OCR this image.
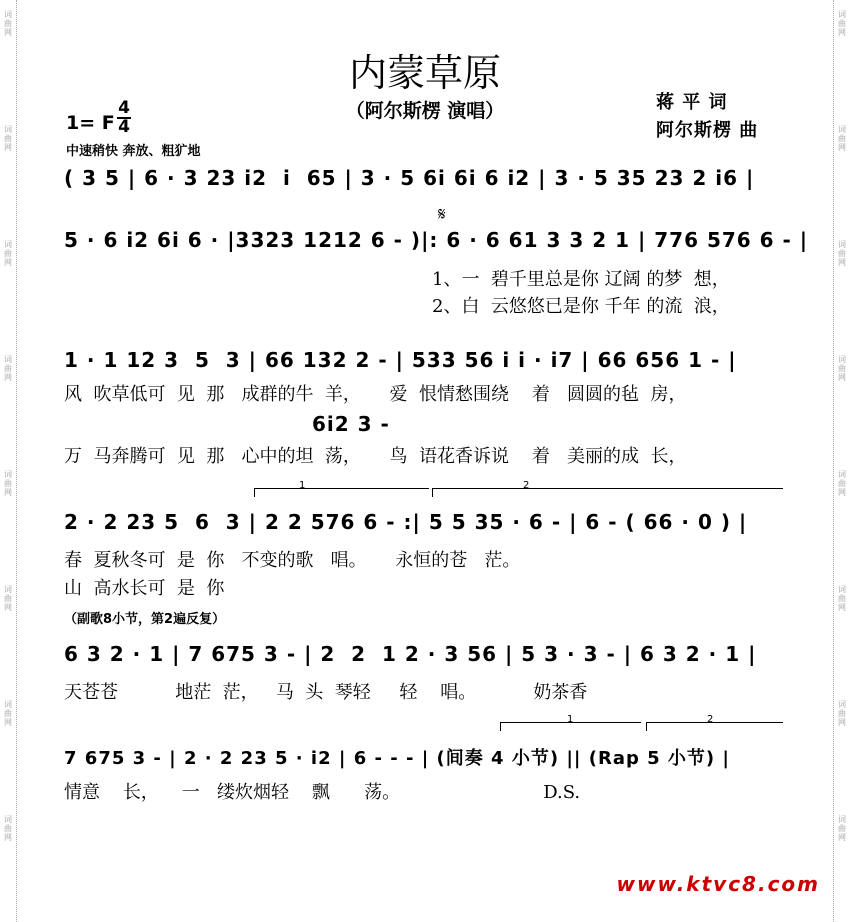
词
曲
网
词
曲
网
词
曲
网
词
曲
网
词
曲
网
词
曲
网
词
曲
网
词
曲
网
词
曲
网
词
曲
网
词
曲
网
词
曲
网
词
曲
网
词
曲
网
词
曲
网
词
曲
网
内蒙草原
（阿尔斯楞 演唱）	蒋 平 词
阿尔斯楞 曲
1= F
4
4
中速稍快 奔放、粗犷地
( 3 5 | 6 · 3 23 i2  i  65 | 3 · 5 6i 6i 6 i2 | 3 · 5 35 23 2 i6 |
𝄋
5 · 6 i2 6i 6 · |3323 1212 6 - )|: 6 · 6 61 3 3 2 1 | 776 576 6 - |
1、一  碧千里总是你 辽阔 的梦  想，
2、白  云悠悠已是你 千年 的流  浪，
1 · 1 12 3  5  3 | 66 132 2 - | 533 56 i i · i7 | 66 656 1 - |
风  吹草低可  见  那   成群的牛  羊，     爱  恨情愁围绕    着   圆圆的毡  房，
6i2 3 -
万  马奔腾可  见  那   心中的坦  荡，     鸟  语花香诉说    着   美丽的成  长，
1	2
2 · 2 23 5  6  3 | 2 2 576 6 - :| 5 5 35 · 6 - | 6 - ( 66 · 0 ) |
春  夏秋冬可  是  你   不变的歌   唱。     永恒的苍   茫。
山  高水长可  是  你
（副歌8小节，第2遍反复）
6 3 2 · 1 | 7 675 3 - | 2  2  1 2 · 3 56 | 5 3 · 3 - | 6 3 2 · 1 |
天苍苍          地茫  茫，   马  头  琴轻     轻    唱。          奶茶香
1	2
7 675 3 - | 2 · 2 23 5 · i2 | 6 - - - | (间奏 4 小节) || (Rap 5 小节) |
情意    长，    一   缕炊烟轻    飘      荡。                         D.S.
www.ktvc8.com
